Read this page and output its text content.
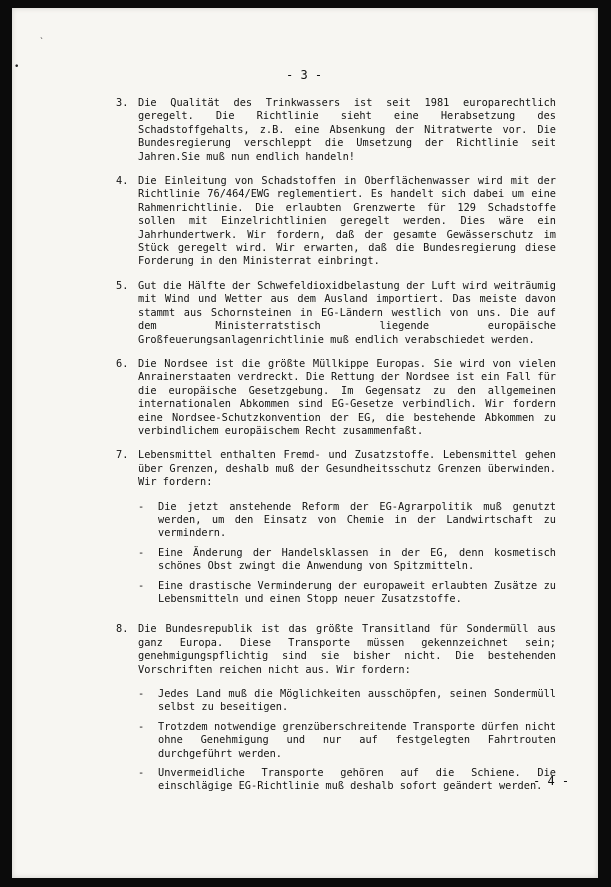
ˋ
•
- 3 -
3. Die Qualität des Trinkwassers ist seit 1981 europarechtlich geregelt. Die Richtlinie sieht eine Herabsetzung des Schadstoffgehalts, z.B. eine Absenkung der Nitratwerte vor. Die Bundesregierung verschleppt die Umsetzung der Richtlinie seit Jahren.Sie muß nun endlich handeln!

4. Die Einleitung von Schadstoffen in Oberflächenwasser wird mit der Richtlinie 76/464/EWG reglementiert. Es handelt sich dabei um eine Rahmenrichtlinie. Die erlaubten Grenzwerte für 129 Schadstoffe sollen mit Einzelrichtlinien geregelt werden. Dies wäre ein Jahrhundertwerk. Wir fordern, daß der gesamte Gewässerschutz im Stück geregelt wird. Wir erwarten, daß die Bundesregierung diese Forderung in den Ministerrat einbringt.

5. Gut die Hälfte der Schwefeldioxidbelastung der Luft wird weiträumig mit Wind und Wetter aus dem Ausland importiert. Das meiste davon stammt aus Schornsteinen in EG-Ländern westlich von uns. Die auf dem Ministerratstisch liegende europäische Großfeuerungsanlagenrichtlinie muß endlich verabschiedet werden.

6. Die Nordsee ist die größte Müllkippe Europas. Sie wird von vielen Anrainerstaaten verdreckt. Die Rettung der Nordsee ist ein Fall für die europäische Gesetzgebung. Im Gegensatz zu den allgemeinen internationalen Abkommen sind EG-Gesetze verbindlich. Wir fordern eine Nordsee-Schutzkonvention der EG, die bestehende Abkommen zu verbindlichem europäischem Recht zusammenfaßt.

7. Lebensmittel enthalten Fremd- und Zusatzstoffe. Lebensmittel gehen über Grenzen, deshalb muß der Gesundheitsschutz Grenzen überwinden. Wir fordern:

-	Die jetzt anstehende Reform der EG-Agrarpolitik muß genutzt werden, um den Einsatz von Chemie in der Landwirtschaft zu vermindern.
-	Eine Änderung der Handelsklassen in der EG, denn kosmetisch schönes Obst zwingt die Anwendung von Spitzmitteln.
-	Eine drastische Verminderung der europaweit erlaubten Zusätze zu Lebensmitteln und einen Stopp neuer Zusatzstoffe.
8. Die Bundesrepublik ist das größte Transitland für Sondermüll aus ganz Europa. Diese Transporte müssen gekennzeichnet sein; genehmigungspflichtig sind sie bisher nicht. Die bestehenden Vorschriften reichen nicht aus. Wir fordern:

-	Jedes Land muß die Möglichkeiten ausschöpfen, seinen Sondermüll selbst zu beseitigen.
-	Trotzdem notwendige grenzüberschreitende Transporte dürfen nicht ohne Genehmigung und nur auf festgelegten Fahrtrouten durchgeführt werden.
-	Unvermeidliche Transporte gehören auf die Schiene. Die einschlägige EG-Richtlinie muß deshalb sofort geändert werden.
- 4 -
